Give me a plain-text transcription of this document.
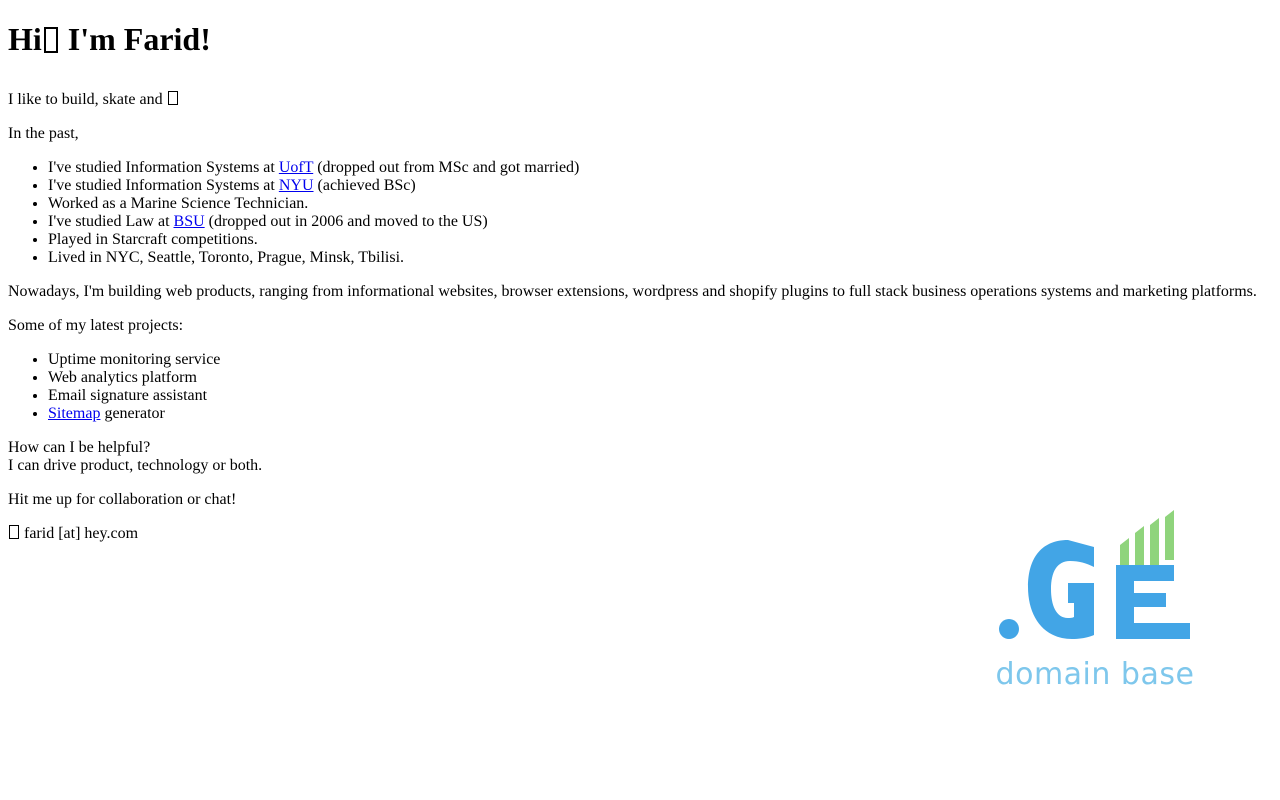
Hi I'm Farid!

I like to build, skate and

In the past,

• I've studied Information Systems at UofT (dropped out from MSc and got married)
• I've studied Information Systems at NYU (achieved BSc)
• Worked as a Marine Science Technician.
• I've studied Law at BSU (dropped out in 2006 and moved to the US)
• Played in Starcraft competitions.
• Lived in NYC, Seattle, Toronto, Prague, Minsk, Tbilisi.

Nowadays, I'm building web products, ranging from informational websites, browser extensions, wordpress and shopify plugins to full stack business operations systems and marketing platforms.

Some of my latest projects:

• Uptime monitoring service
• Web analytics platform
• Email signature assistant
• Sitemap generator

How can I be helpful?

I can drive product, technology or both.

Hit me up for collaboration or chat!

farid [at] hey.com

domain base
